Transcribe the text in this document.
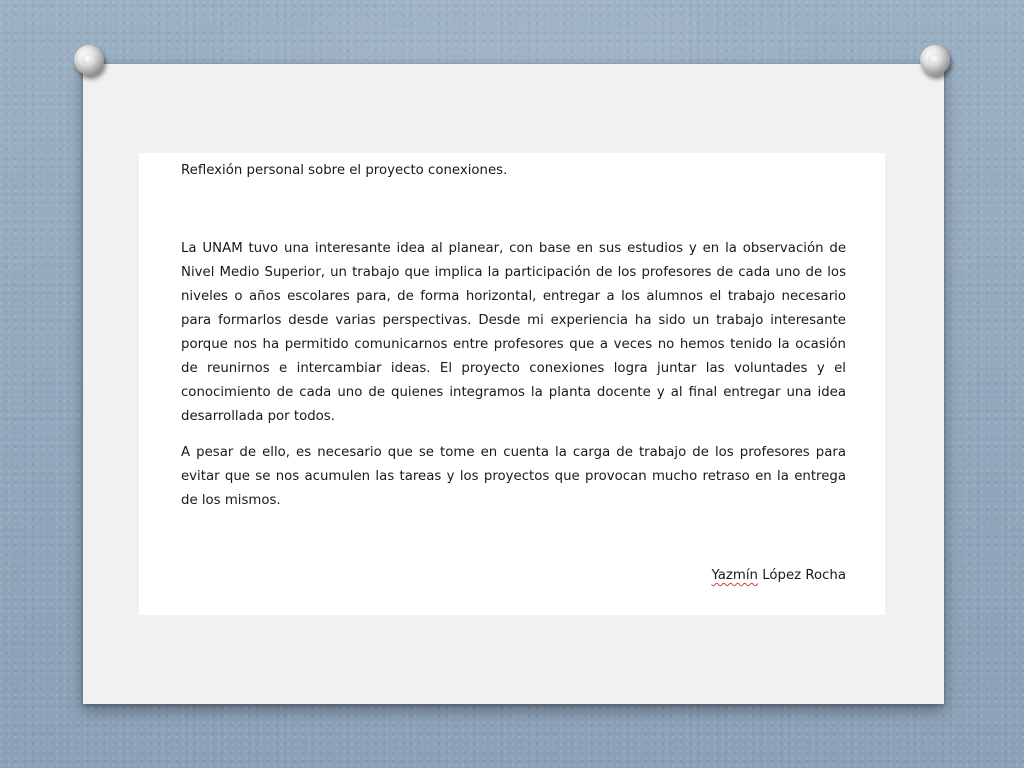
Reflexión personal sobre el proyecto conexiones.

La UNAM tuvo una interesante idea al planear, con base en sus estudios y en la observación de Nivel Medio Superior, un trabajo que implica la participación de los profesores de cada uno de los niveles o años escolares para, de forma horizontal, entregar a los alumnos el trabajo necesario para formarlos desde varias perspectivas. Desde mi experiencia ha sido un trabajo interesante porque nos ha permitido comunicarnos entre profesores que a veces no hemos tenido la ocasión de reunirnos e intercambiar ideas. El proyecto conexiones logra juntar las voluntades y el conocimiento de cada uno de quienes integramos la planta docente y al final entregar una idea desarrollada por todos.

A pesar de ello, es necesario que se tome en cuenta la carga de trabajo de los profesores para evitar que se nos acumulen las tareas y los proyectos que provocan mucho retraso en la entrega de los mismos.

Yazmín López Rocha
